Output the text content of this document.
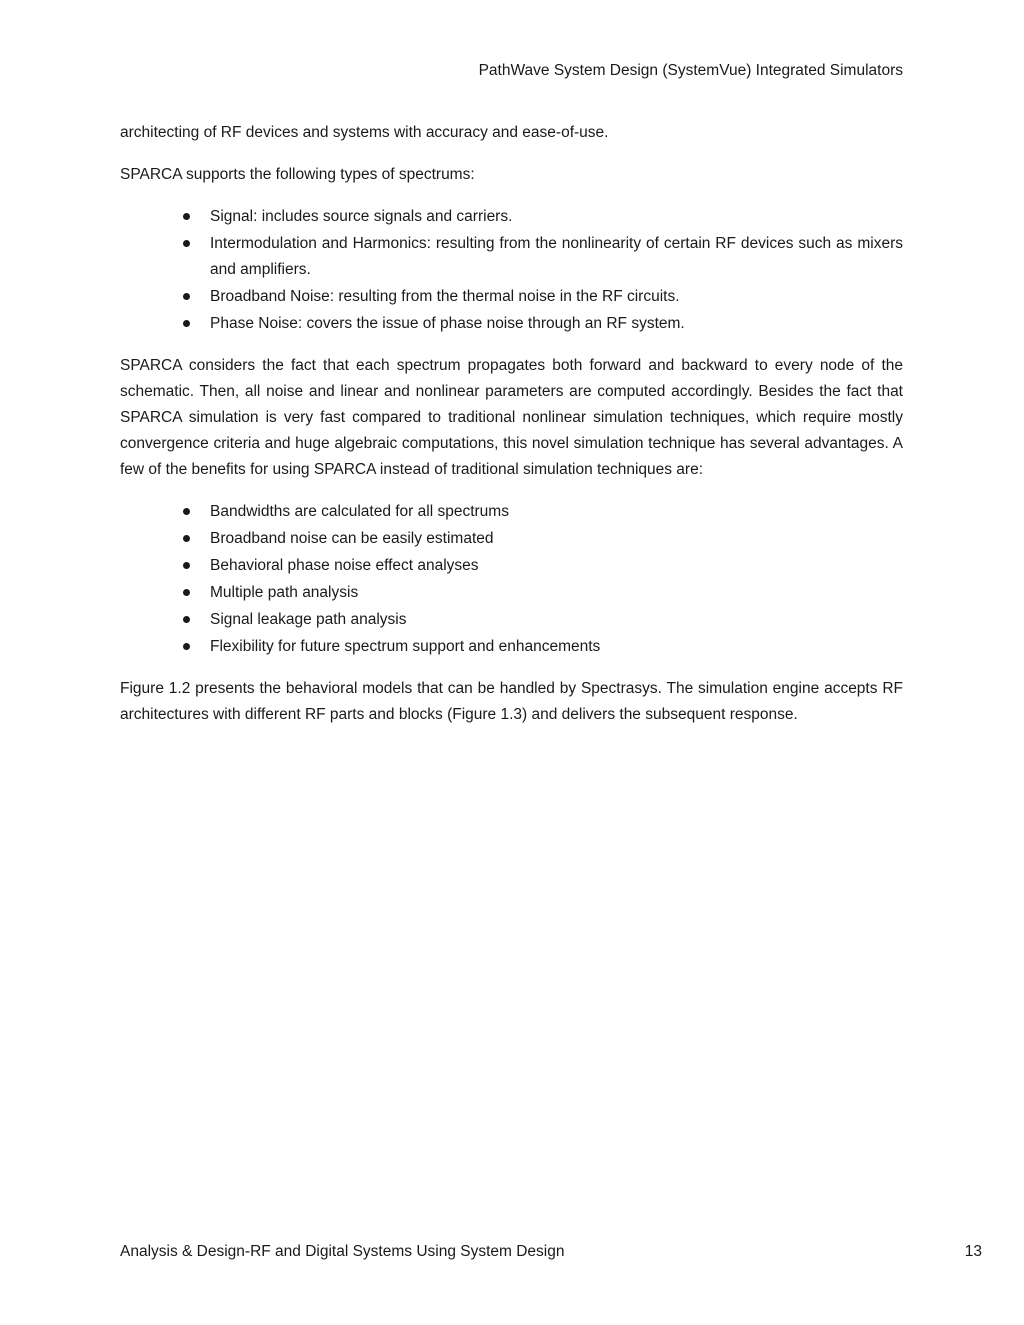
PathWave System Design (SystemVue) Integrated Simulators

architecting of RF devices and systems with accuracy and ease-of-use.

SPARCA supports the following types of spectrums:

Signal: includes source signals and carriers.
Intermodulation and Harmonics: resulting from the nonlinearity of certain RF devices such as mixers and amplifiers.
Broadband Noise: resulting from the thermal noise in the RF circuits.
Phase Noise: covers the issue of phase noise through an RF system.

SPARCA considers the fact that each spectrum propagates both forward and backward to every node of the schematic. Then, all noise and linear and nonlinear parameters are computed accordingly. Besides the fact that SPARCA simulation is very fast compared to traditional nonlinear simulation techniques, which require mostly convergence criteria and huge algebraic computations, this novel simulation technique has several advantages. A few of the benefits for using SPARCA instead of traditional simulation techniques are:

Bandwidths are calculated for all spectrums
Broadband noise can be easily estimated
Behavioral phase noise effect analyses
Multiple path analysis
Signal leakage path analysis
Flexibility for future spectrum support and enhancements

Figure 1.2 presents the behavioral models that can be handled by Spectrasys. The simulation engine accepts RF architectures with different RF parts and blocks (Figure 1.3) and delivers the subsequent response.

Analysis & Design-RF and Digital Systems Using System Design	13
